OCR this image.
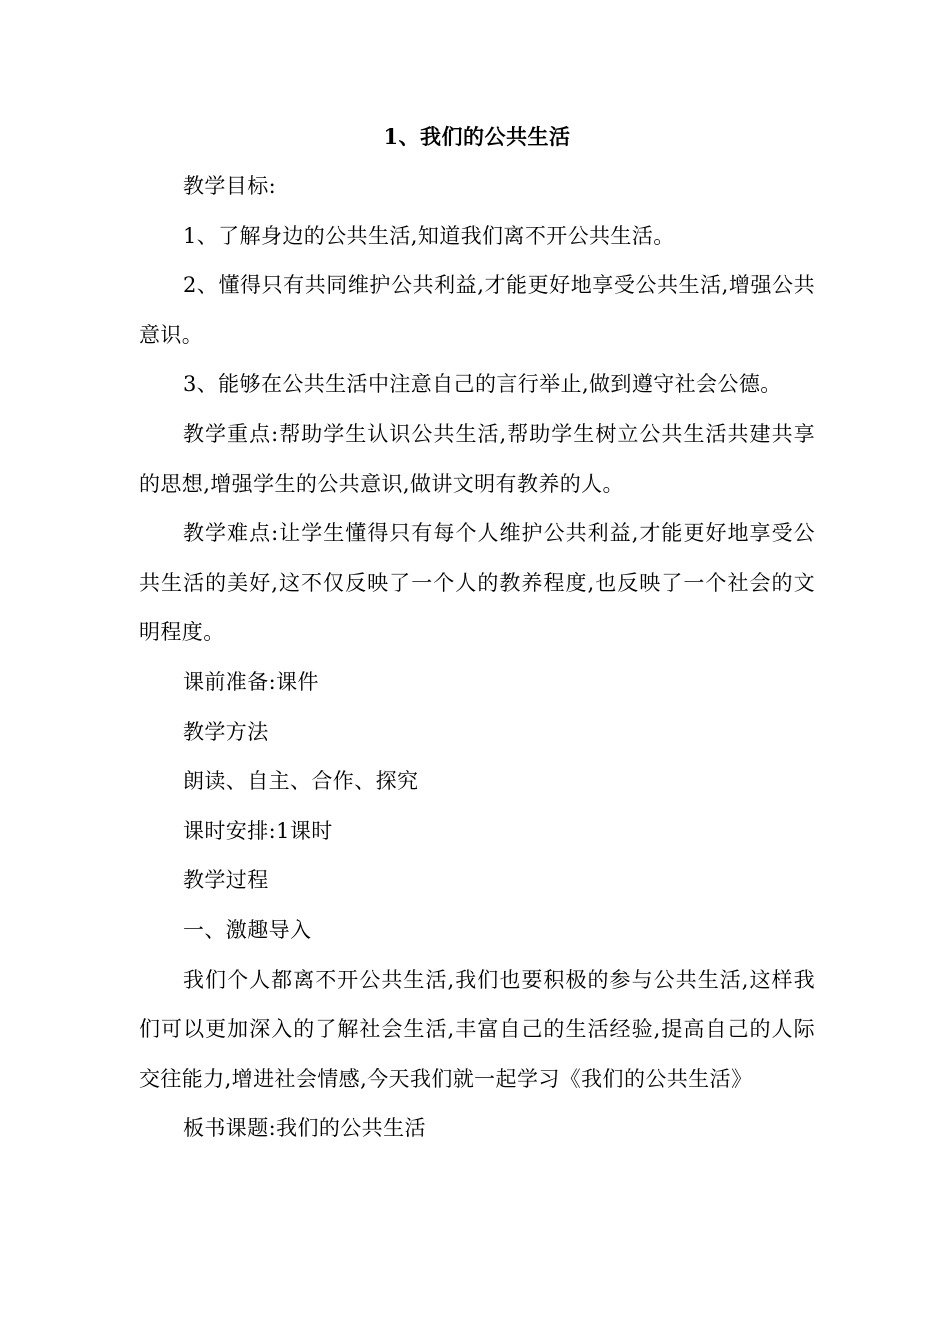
1、我们的公共生活

教学目标:

1、了解身边的公共生活,知道我们离不开公共生活。

2、懂得只有共同维护公共利益,才能更好地享受公共生活,增强公共意识。

3、能够在公共生活中注意自己的言行举止,做到遵守社会公德。

教学重点:帮助学生认识公共生活,帮助学生树立公共生活共建共享的思想,增强学生的公共意识,做讲文明有教养的人。

教学难点:让学生懂得只有每个人维护公共利益,才能更好地享受公共生活的美好,这不仅反映了一个人的教养程度,也反映了一个社会的文明程度。

课前准备:课件

教学方法

朗读、自主、合作、探究

课时安排:1课时

教学过程

一、激趣导入

我们个人都离不开公共生活,我们也要积极的参与公共生活,这样我们可以更加深入的了解社会生活,丰富自己的生活经验,提高自己的人际交往能力,增进社会情感,今天我们就一起学习《我们的公共生活》

板书课题:我们的公共生活
